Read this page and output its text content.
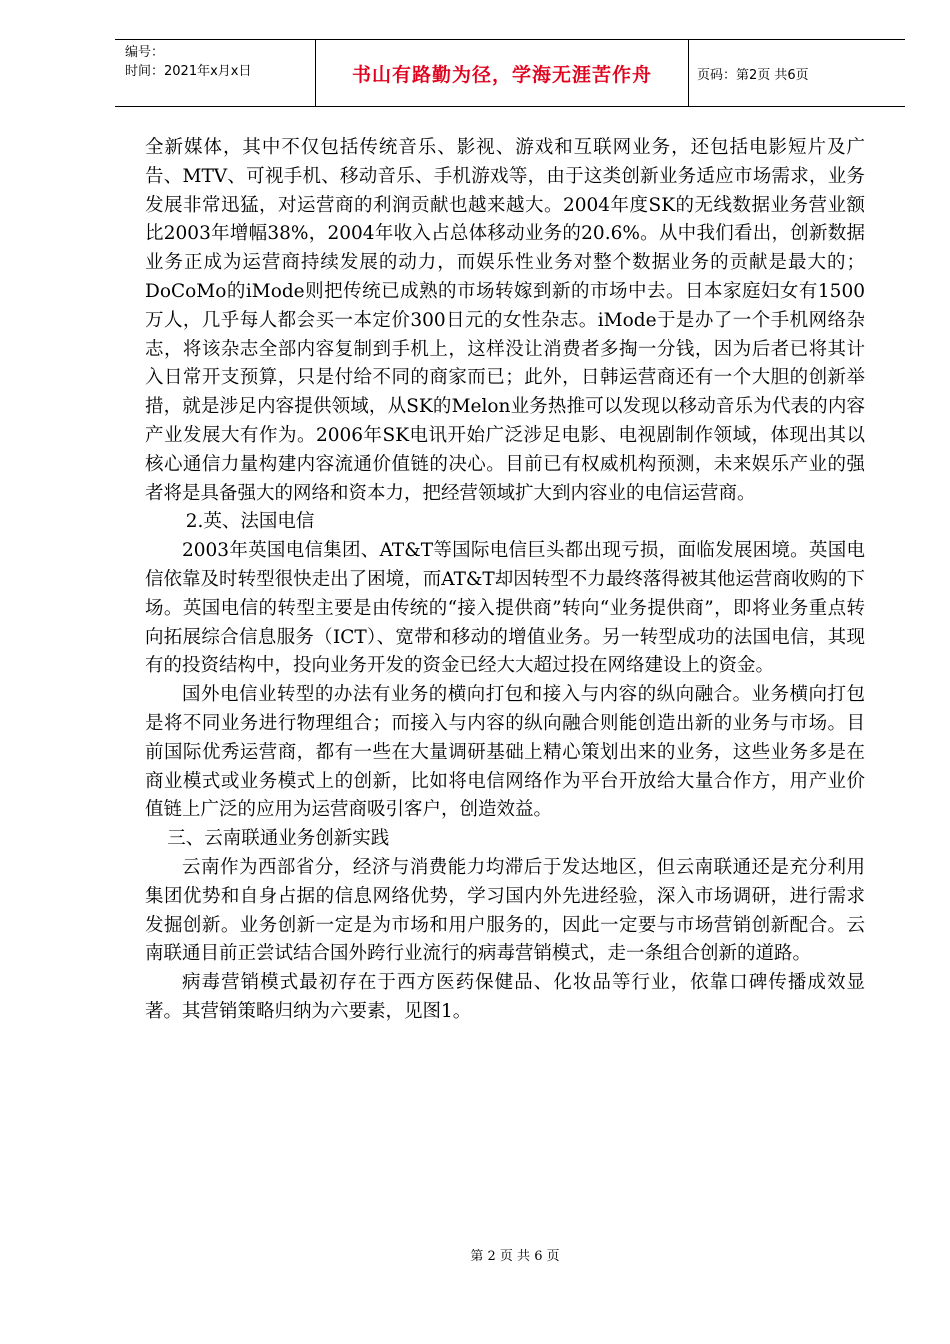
编号：
时间：2021年x月x日	书山有路勤为径，学海无涯苦作舟	页码：第2页 共6页

全新媒体，其中不仅包括传统音乐、影视、游戏和互联网业务，还包括电影短片及广告、MTV、可视手机、移动音乐、手机游戏等，由于这类创新业务适应市场需求，业务发展非常迅猛，对运营商的利润贡献也越来越大。2004年度SK的无线数据业务营业额比2003年增幅38%，2004年收入占总体移动业务的20.6%。从中我们看出，创新数据业务正成为运营商持续发展的动力，而娱乐性业务对整个数据业务的贡献是最大的；DoCoMo的iMode则把传统已成熟的市场转嫁到新的市场中去。日本家庭妇女有1500万人，几乎每人都会买一本定价300日元的女性杂志。iMode于是办了一个手机网络杂志，将该杂志全部内容复制到手机上，这样没让消费者多掏一分钱，因为后者已将其计入日常开支预算，只是付给不同的商家而已；此外，日韩运营商还有一个大胆的创新举措，就是涉足内容提供领域，从SK的Melon业务热推可以发现以移动音乐为代表的内容产业发展大有作为。2006年SK电讯开始广泛涉足电影、电视剧制作领域，体现出其以核心通信力量构建内容流通价值链的决心。目前已有权威机构预测，未来娱乐产业的强者将是具备强大的网络和资本力，把经营领域扩大到内容业的电信运营商。

2.英、法国电信

2003年英国电信集团、AT&T等国际电信巨头都出现亏损，面临发展困境。英国电信依靠及时转型很快走出了困境，而AT&T却因转型不力最终落得被其他运营商收购的下场。英国电信的转型主要是由传统的“接入提供商”转向“业务提供商”，即将业务重点转向拓展综合信息服务（ICT）、宽带和移动的增值业务。另一转型成功的法国电信，其现有的投资结构中，投向业务开发的资金已经大大超过投在网络建设上的资金。

国外电信业转型的办法有业务的横向打包和接入与内容的纵向融合。业务横向打包是将不同业务进行物理组合；而接入与内容的纵向融合则能创造出新的业务与市场。目前国际优秀运营商，都有一些在大量调研基础上精心策划出来的业务，这些业务多是在商业模式或业务模式上的创新，比如将电信网络作为平台开放给大量合作方，用产业价值链上广泛的应用为运营商吸引客户，创造效益。

三、云南联通业务创新实践

云南作为西部省分，经济与消费能力均滞后于发达地区，但云南联通还是充分利用集团优势和自身占据的信息网络优势，学习国内外先进经验，深入市场调研，进行需求发掘创新。业务创新一定是为市场和用户服务的，因此一定要与市场营销创新配合。云南联通目前正尝试结合国外跨行业流行的病毒营销模式，走一条组合创新的道路。

病毒营销模式最初存在于西方医药保健品、化妆品等行业，依靠口碑传播成效显著。其营销策略归纳为六要素，见图1。

第 2 页 共 6 页
